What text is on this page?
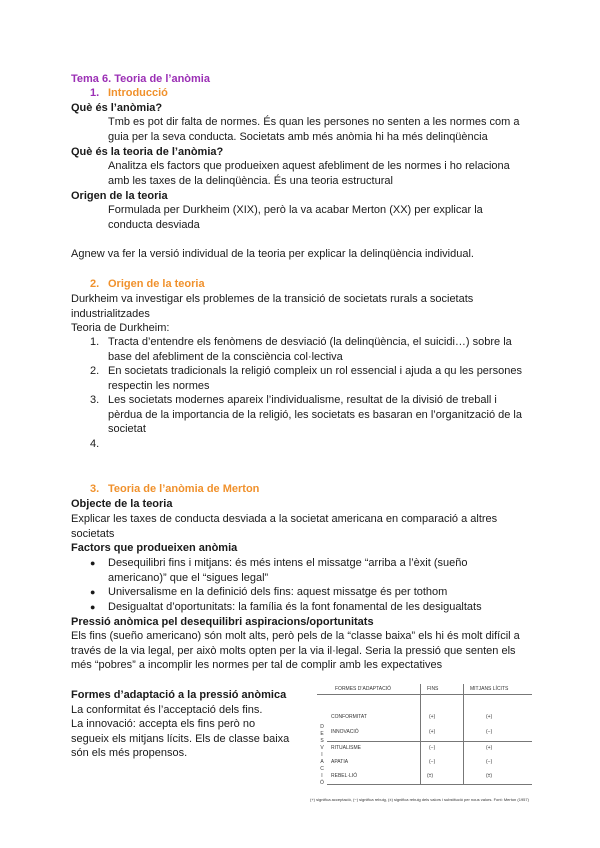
Tema 6. Teoria de l’anòmia
1. Introducció
Què és l’anòmia?
Tmb es pot dir falta de normes. És quan les persones no senten a les normes com a guia per la seva conducta. Societats amb més anòmia hi ha més delinqüència
Què és la teoria de l’anòmia?
Analitza els factors que produeixen aquest afebliment de les normes i ho relaciona amb les taxes de la delinqüència. És una teoria estructural
Origen de la teoria
Formulada per Durkheim (XIX), però la va acabar Merton (XX) per explicar la conducta desviada
Agnew va fer la versió individual de la teoria per explicar la delinqüència individual.
2. Origen de la teoria
Durkheim va investigar els problemes de la transició de societats rurals a societats industrialitzades
Teoria de Durkheim:
1. Tracta d’entendre els fenòmens de desviació (la delinqüència, el suicidi…) sobre la base del afebliment de la consciència col·lectiva
2. En societats tradicionals la religió compleix un rol essencial i ajuda a qu les persones respectin les normes
3. Les societats modernes apareix l’individualisme, resultat de la divisió de treball i pèrdua de la importancia de la religió, les societats es basaran en l’organització de la societat
4.
3. Teoria de l’anòmia de Merton
Objecte de la teoria
Explicar les taxes de conducta desviada a la societat americana en comparació a altres societats
Factors que produeixen anòmia
● Desequilibri fins i mitjans: és més intens el missatge “arriba a l’èxit (sueño americano)” que el “sigues legal”
● Universalisme en la definició dels fins: aquest missatge és per tothom
● Desigualtat d’oportunitats: la família és la font fonamental de les desigualtats
Pressió anòmica pel desequilibri aspiracions/oportunitats
Els fins (sueño americano) són molt alts, però pels de la “classe baixa” els hi és molt difícil a través de la via legal, per això molts opten per la via il·legal. Seria la pressió que senten els més “pobres” a incomplir les normes per tal de complir amb les expectatives
Formes d’adaptació a la pressió anòmica
La conformitat és l’acceptació dels fins.
La innovació: accepta els fins però no segueix els mitjans lícits. Els de classe baixa són els més propensos.
FORMES D’ADAPTACIÓ	FINS	MITJANS LÍCITS
D
E
S
V
I
A
C
I
Ó
CONFORMITAT	(+)	(+)
INNOVACIÓ	(+)	(−)
RITUALISME	(−)	(+)
APATIA	(−)	(−)
REBEL·LIÓ	(±)	(±)
(+) significa acceptació, (−) significa rebuig, (±) significa rebuig dels valors i substitució per nous valors. Font: Merton (1957)
